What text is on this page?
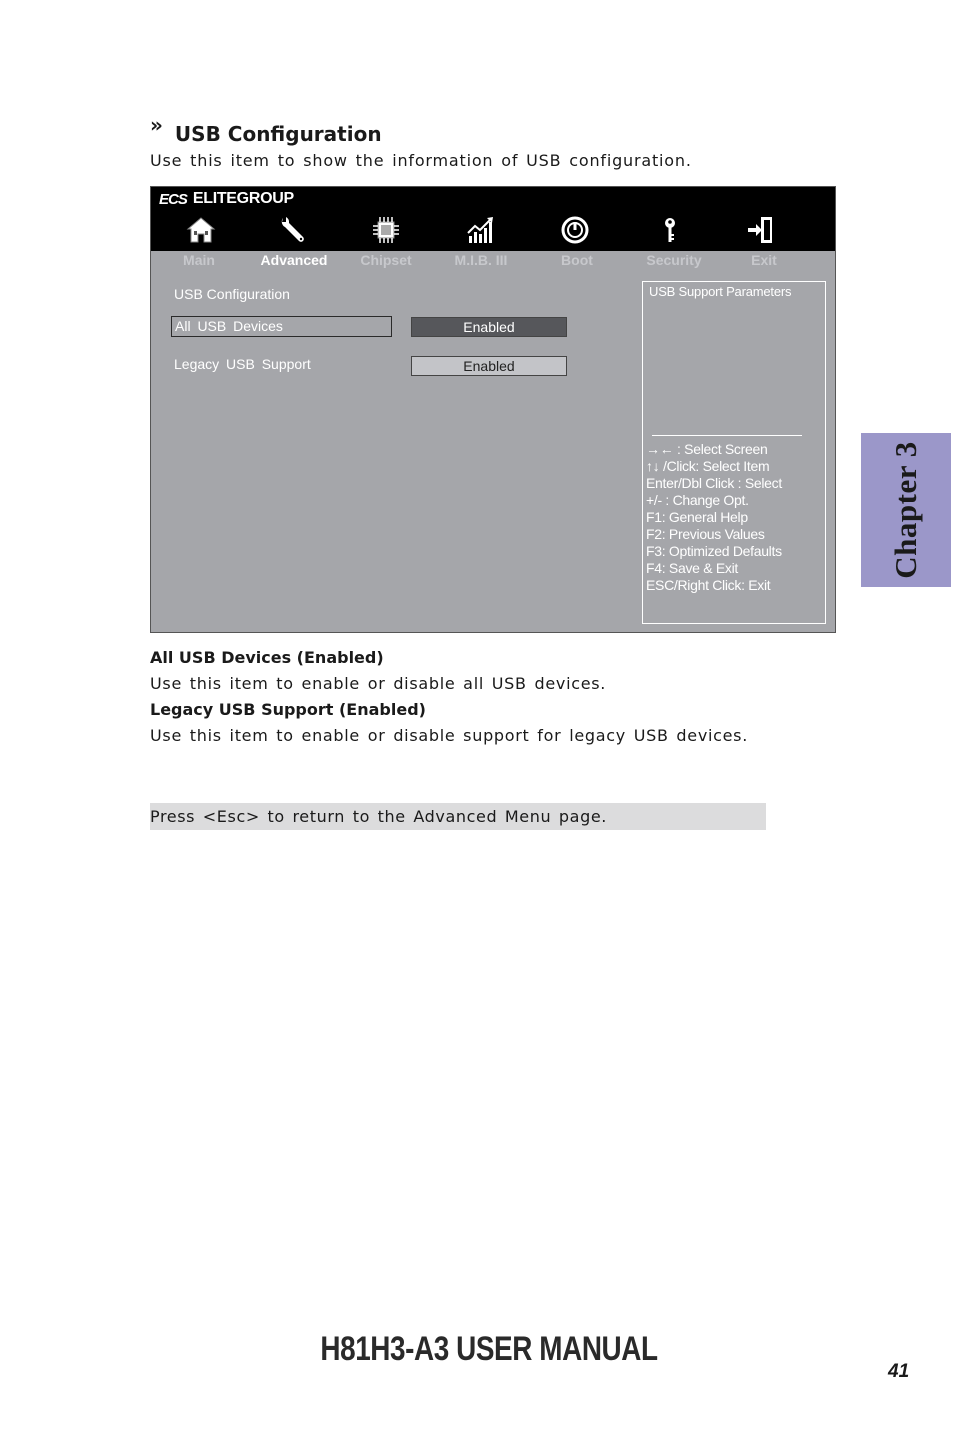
» USB Configuration
Use this item to show the information of USB configuration.
ECS ELITEGROUP
Main	Advanced Chipset	M.I.B. III	Boot	Security	Exit
USB Configuration
All USB Devices	Enabled
Legacy USB Support	Enabled
USB Support Parameters
→← : Select Screen
↑↓ /Click: Select Item
Enter/Dbl Click : Select
+/- : Change Opt.
F1: General Help
F2: Previous Values
F3: Optimized Defaults
F4: Save & Exit
ESC/Right Click: Exit
All USB Devices (Enabled)
Use this item to enable or disable all USB devices.
Legacy USB Support (Enabled)
Use this item to enable or disable support for legacy USB devices.
Press <Esc> to return to the Advanced Menu page.
Chapter 3
H81H3-A3 USER MANUAL
41
